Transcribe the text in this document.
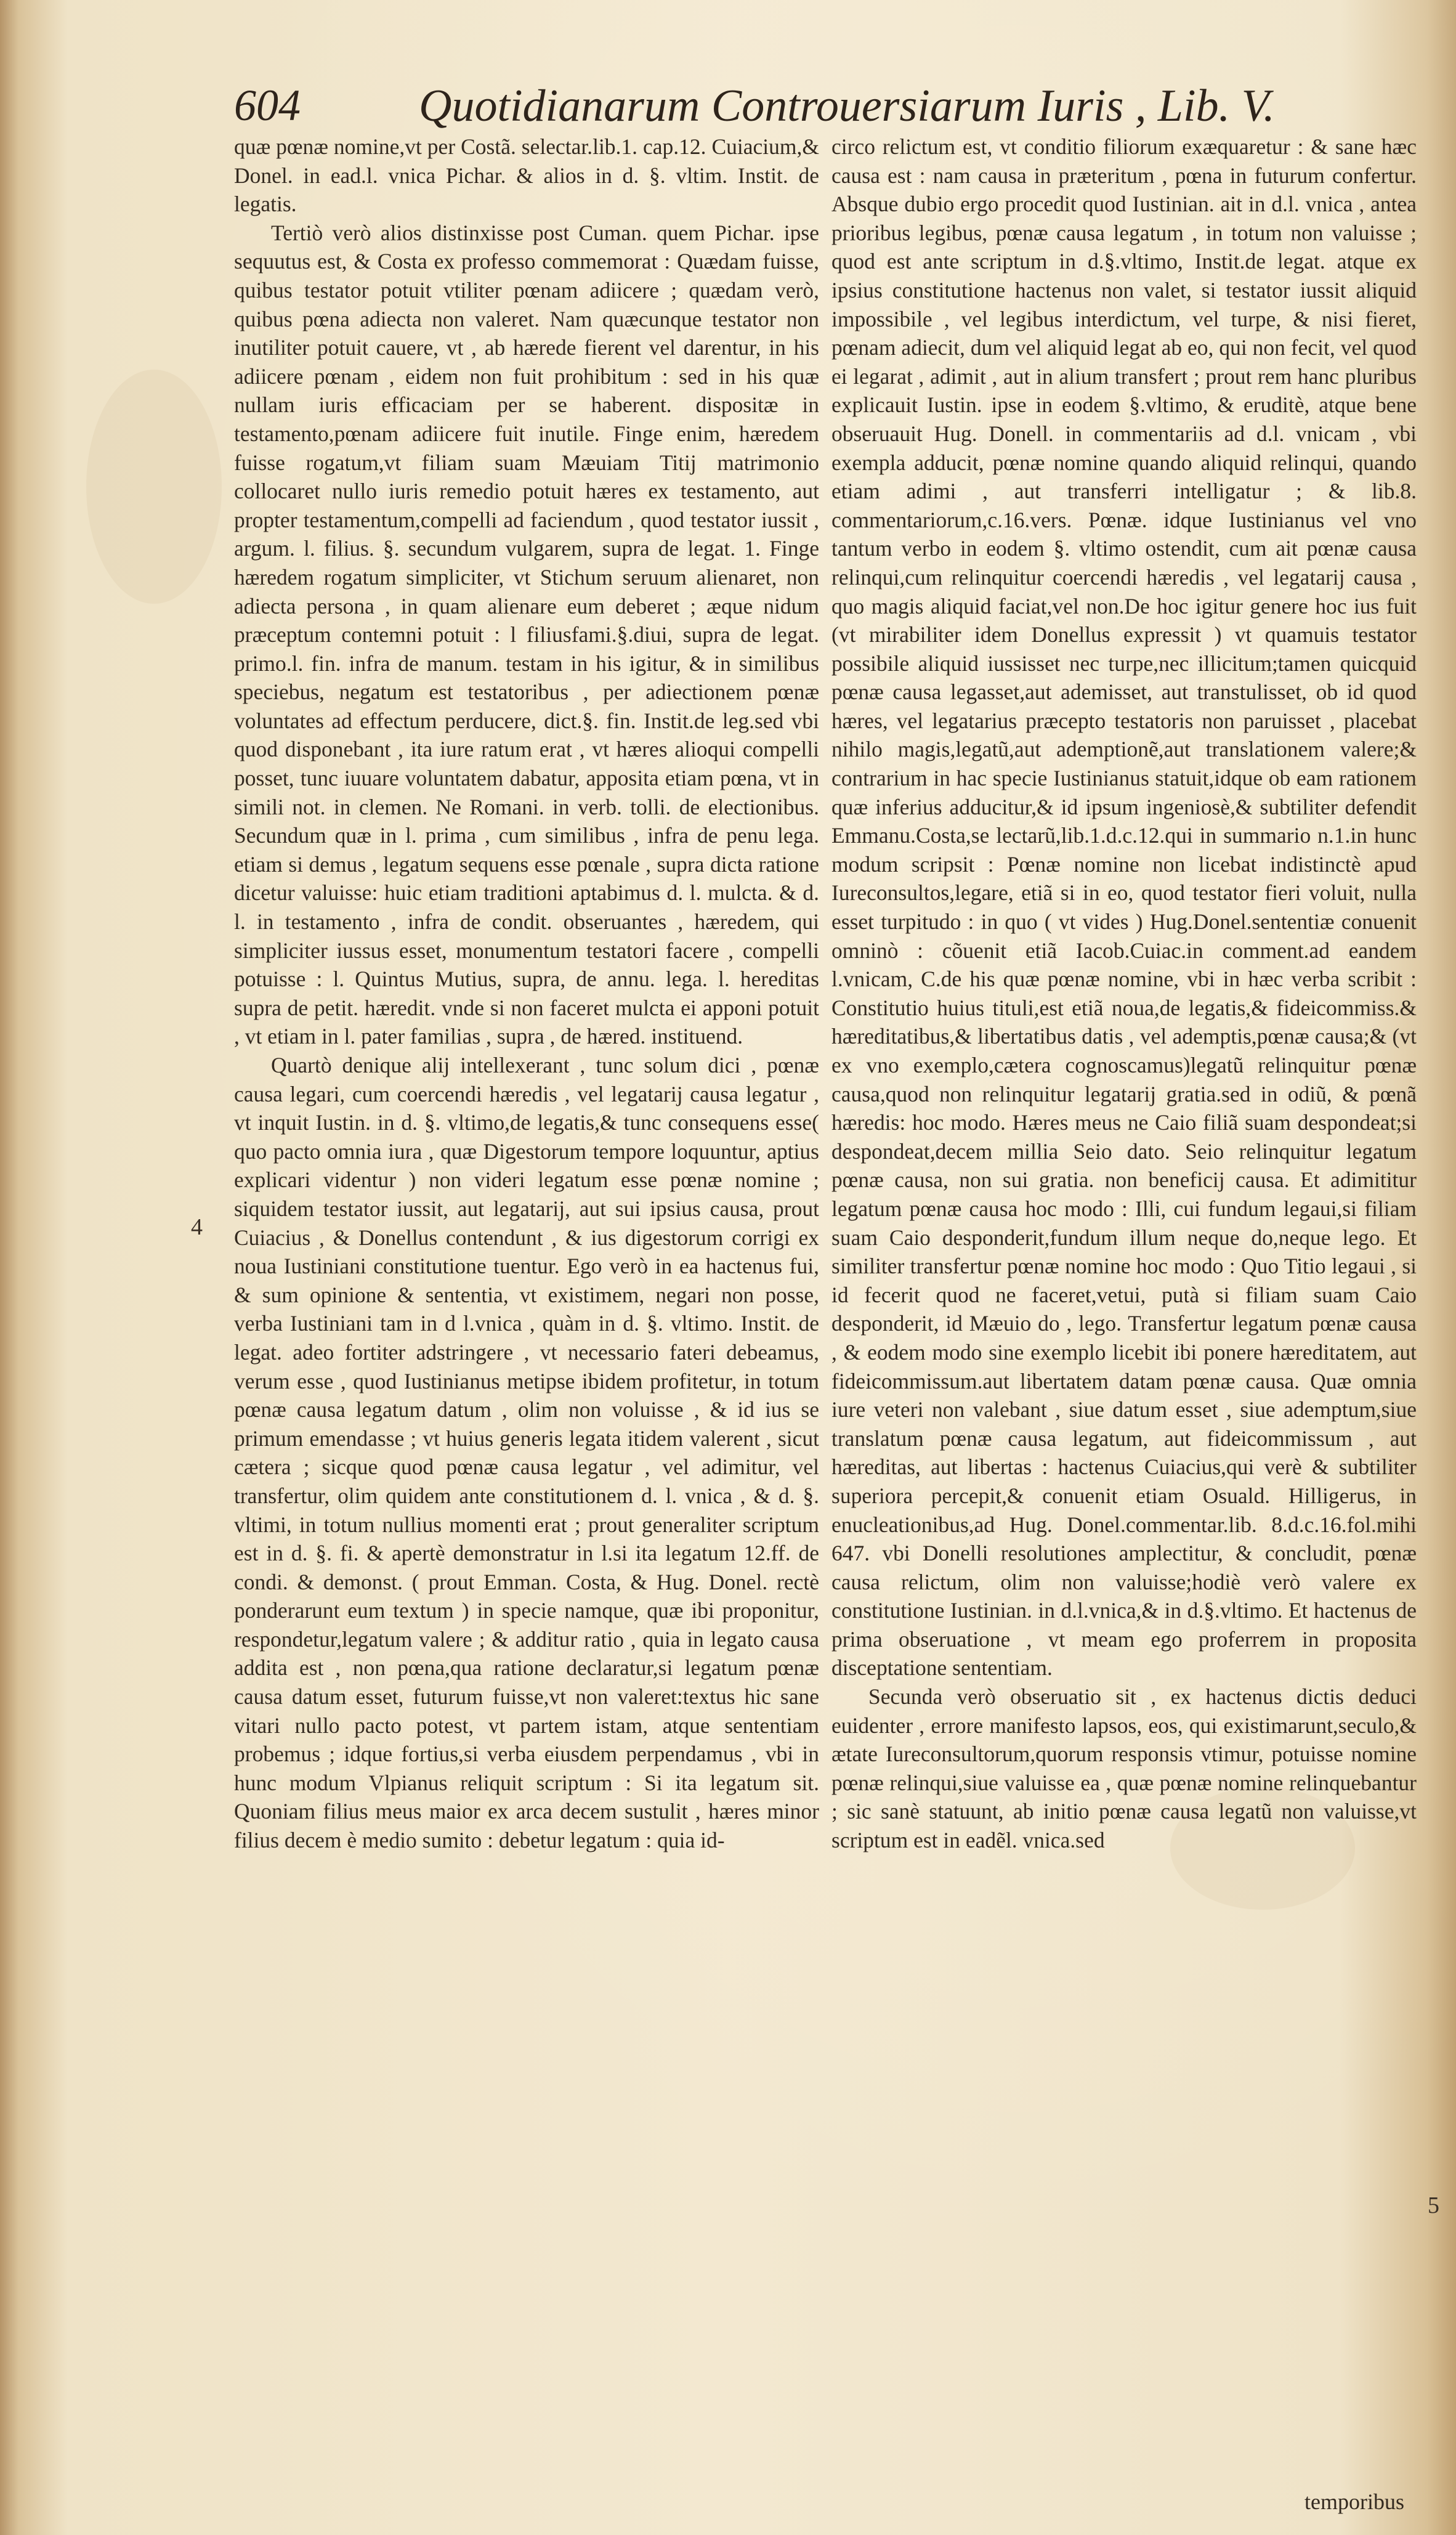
604	Quotidianarum Controuersiarum Iuris , Lib. V.

quæ pœnæ nomine,vt per Costã. selectar.lib.1. cap.12. Cuiacium,& Donel. in ead.l. vnica Pichar. & alios in d. §. vltim. Instit. de legatis.

Tertiò verò alios distinxisse post Cuman. quem Pichar. ipse sequutus est, & Costa ex professo commemorat : Quædam fuisse, quibus testator potuit vtiliter pœnam adiicere ; quædam verò, quibus pœna adiecta non valeret. Nam quæcunque testator non inutiliter potuit cauere, vt , ab hærede fierent vel darentur, in his adiicere pœnam , eidem non fuit prohibitum : sed in his quæ nullam iuris efficaciam per se haberent. dispositæ in testamento,pœnam adiicere fuit inutile. Finge enim, hæredem fuisse rogatum,vt filiam suam Mæuiam Titij matrimonio collocaret nullo iuris remedio potuit hæres ex testamento, aut propter testamentum,compelli ad faciendum , quod testator iussit , argum. l. filius. §. secundum vulgarem, supra de legat. 1. Finge hæredem rogatum simpliciter, vt Stichum seruum alienaret, non adiecta persona , in quam alienare eum deberet ; æque nidum præceptum contemni potuit : l filiusfami.§.diui, supra de legat. primo.l. fin. infra de manum. testam in his igitur, & in similibus speciebus, negatum est testatoribus , per adiectionem pœnæ voluntates ad effectum perducere, dict.§. fin. Instit.de leg.sed vbi quod disponebant , ita iure ratum erat , vt hæres alioqui compelli posset, tunc iuuare voluntatem dabatur, apposita etiam pœna, vt in simili not. in clemen. Ne Romani. in verb. tolli. de electionibus. Secundum quæ in l. prima , cum similibus , infra de penu lega. etiam si demus , legatum sequens esse pœnale , supra dicta ratione dicetur valuisse: huic etiam traditioni aptabimus d. l. mulcta. & d. l. in testamento , infra de condit. obseruantes , hæredem, qui simpliciter iussus esset, monumentum testatori facere , compelli potuisse : l. Quintus Mutius, supra, de annu. lega. l. hereditas supra de petit. hæredit. vnde si non faceret mulcta ei apponi potuit , vt etiam in l. pater familias , supra , de hæred. instituend.

Quartò denique alij intellexerant , tunc solum dici , pœnæ causa legari, cum coercendi hæredis , vel legatarij causa legatur , vt inquit Iustin. in d. §. vltimo,de legatis,& tunc consequens esse( quo pacto omnia iura , quæ Digestorum tempore loquuntur, aptius explicari videntur ) non videri legatum esse pœnæ nomine ; siquidem testator iussit, aut legatarij, aut sui ipsius causa, prout Cuiacius , & Donellus contendunt , & ius digestorum corrigi ex noua Iustiniani constitutione tuentur. Ego verò in ea hactenus fui, & sum opinione & sententia, vt existimem, negari non posse, verba Iustiniani tam in d l.vnica , quàm in d. §. vltimo. Instit. de legat. adeo fortiter adstringere , vt necessario fateri debeamus, verum esse , quod Iustinianus metipse ibidem profitetur, in totum pœnæ causa legatum datum , olim non voluisse , & id ius se primum emendasse ; vt huius generis legata itidem valerent , sicut cætera ; sicque quod pœnæ causa legatur , vel adimitur, vel transfertur, olim quidem ante constitutionem d. l. vnica , & d. §. vltimi, in totum nullius momenti erat ; prout generaliter scriptum est in d. §. fi. & apertè demonstratur in l.si ita legatum 12.ff. de condi. & demonst. ( prout Emman. Costa, & Hug. Donel. rectè ponderarunt eum textum ) in specie namque, quæ ibi proponitur, respondetur,legatum valere ; & additur ratio , quia in legato causa addita est , non pœna,qua ratione declaratur,si legatum pœnæ causa datum esset, futurum fuisse,vt non valeret:textus hic sane vitari nullo pacto potest, vt partem istam, atque sententiam probemus ; idque fortius,si verba eiusdem perpendamus , vbi in hunc modum Vlpianus reliquit scriptum : Si ita legatum sit. Quoniam filius meus maior ex arca decem sustulit , hæres minor filius decem è medio sumito : debetur legatum : quia id-

4

circo relictum est, vt conditio filiorum exæquaretur : & sane hæc causa est : nam causa in præteritum , pœna in futurum confertur. Absque dubio ergo procedit quod Iustinian. ait in d.l. vnica , antea prioribus legibus, pœnæ causa legatum , in totum non valuisse ; quod est ante scriptum in d.§.vltimo, Instit.de legat. atque ex ipsius constitutione hactenus non valet, si testator iussit aliquid impossibile , vel legibus interdictum, vel turpe, & nisi fieret, pœnam adiecit, dum vel aliquid legat ab eo, qui non fecit, vel quod ei legarat , adimit , aut in alium transfert ; prout rem hanc pluribus explicauit Iustin. ipse in eodem §.vltimo, & eruditè, atque bene obseruauit Hug. Donell. in commentariis ad d.l. vnicam , vbi exempla adducit, pœnæ nomine quando aliquid relinqui, quando etiam adimi , aut transferri intelligatur ; & lib.8. commentariorum,c.16.vers. Pœnæ. idque Iustinianus vel vno tantum verbo in eodem §. vltimo ostendit, cum ait pœnæ causa relinqui,cum relinquitur coercendi hæredis , vel legatarij causa , quo magis aliquid faciat,vel non.De hoc igitur genere hoc ius fuit (vt mirabiliter idem Donellus expressit ) vt quamuis testator possibile aliquid iussisset nec turpe,nec illicitum;tamen quicquid pœnæ causa legasset,aut ademisset, aut transtulisset, ob id quod hæres, vel legatarius præcepto testatoris non paruisset , placebat nihilo magis,legatũ,aut ademptionẽ,aut translationem valere;& contrarium in hac specie Iustinianus statuit,idque ob eam rationem quæ inferius adducitur,& id ipsum ingeniosè,& subtiliter defendit Emmanu.Costa,se lectarũ,lib.1.d.c.12.qui in summario n.1.in hunc modum scripsit : Pœnæ nomine non licebat indistinctè apud Iureconsultos,legare, etiã si in eo, quod testator fieri voluit, nulla esset turpitudo : in quo ( vt vides ) Hug.Donel.sententiæ conuenit omninò : cõuenit etiã Iacob.Cuiac.in comment.ad eandem l.vnicam, C.de his quæ pœnæ nomine, vbi in hæc verba scribit : Constitutio huius tituli,est etiã noua,de legatis,& fideicommiss.& hæreditatibus,& libertatibus datis , vel ademptis,pœnæ causa;& (vt ex vno exemplo,cætera cognoscamus)legatũ relinquitur pœnæ causa,quod non relinquitur legatarij gratia.sed in odiũ, & pœnã hæredis: hoc modo. Hæres meus ne Caio filiã suam despondeat;si despondeat,decem millia Seio dato. Seio relinquitur legatum pœnæ causa, non sui gratia. non beneficij causa. Et adimititur legatum pœnæ causa hoc modo : Illi, cui fundum legaui,si filiam suam Caio desponderit,fundum illum neque do,neque lego. Et similiter transfertur pœnæ nomine hoc modo : Quo Titio legaui , si id fecerit quod ne faceret,vetui, putà si filiam suam Caio desponderit, id Mæuio do , lego. Transfertur legatum pœnæ causa , & eodem modo sine exemplo licebit ibi ponere hæreditatem, aut fideicommissum.aut libertatem datam pœnæ causa. Quæ omnia iure veteri non valebant , siue datum esset , siue ademptum,siue translatum pœnæ causa legatum, aut fideicommissum , aut hæreditas, aut libertas : hactenus Cuiacius,qui verè & subtiliter superiora percepit,& conuenit etiam Osuald. Hilligerus, in enucleationibus,ad Hug. Donel.commentar.lib. 8.d.c.16.fol.mihi 647. vbi Donelli resolutiones amplectitur, & concludit, pœnæ causa relictum, olim non valuisse;hodiè verò valere ex constitutione Iustinian. in d.l.vnica,& in d.§.vltimo. Et hactenus de prima obseruatione , vt meam ego proferrem in proposita disceptatione sententiam.

Secunda verò obseruatio sit , ex hactenus dictis deduci euidenter , errore manifesto lapsos, eos, qui existimarunt,seculo,& ætate Iureconsultorum,quorum responsis vtimur, potuisse nomine pœnæ relinqui,siue valuisse ea , quæ pœnæ nomine relinquebantur ; sic sanè statuunt, ab initio pœnæ causa legatũ non valuisse,vt scriptum est in eadẽl. vnica.sed

5
temporibus
